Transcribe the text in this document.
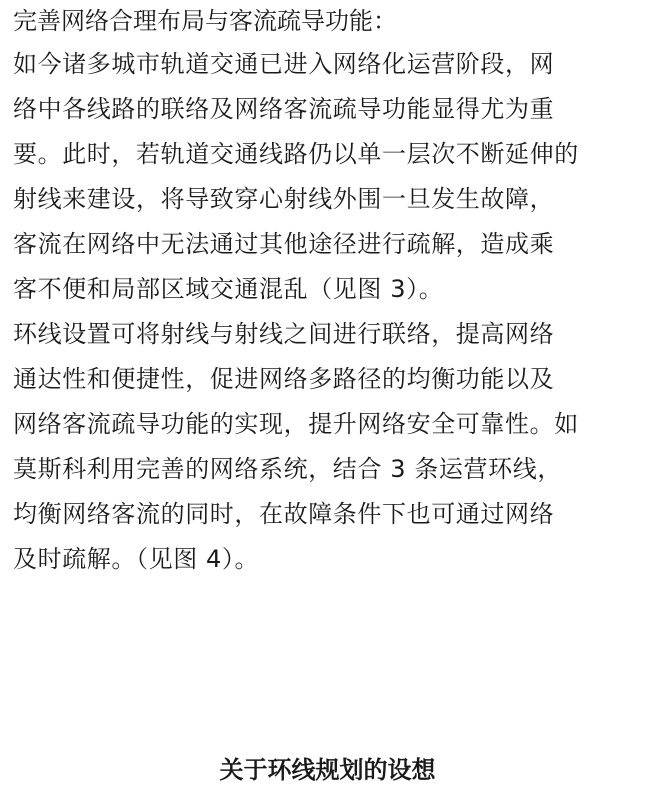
完善网络合理布局与客流疏导功能：
如今诸多城市轨道交通已进入网络化运营阶段，网
络中各线路的联络及网络客流疏导功能显得尤为重
要。此时，若轨道交通线路仍以单一层次不断延伸的
射线来建设，将导致穿心射线外围一旦发生故障，
客流在网络中无法通过其他途径进行疏解，造成乘
客不便和局部区域交通混乱（见图 3）。
环线设置可将射线与射线之间进行联络，提高网络
通达性和便捷性，促进网络多路径的均衡功能以及
网络客流疏导功能的实现，提升网络安全可靠性。如
莫斯科利用完善的网络系统，结合 3 条运营环线，
均衡网络客流的同时，在故障条件下也可通过网络
及时疏解。（见图 4）。
关于环线规划的设想
